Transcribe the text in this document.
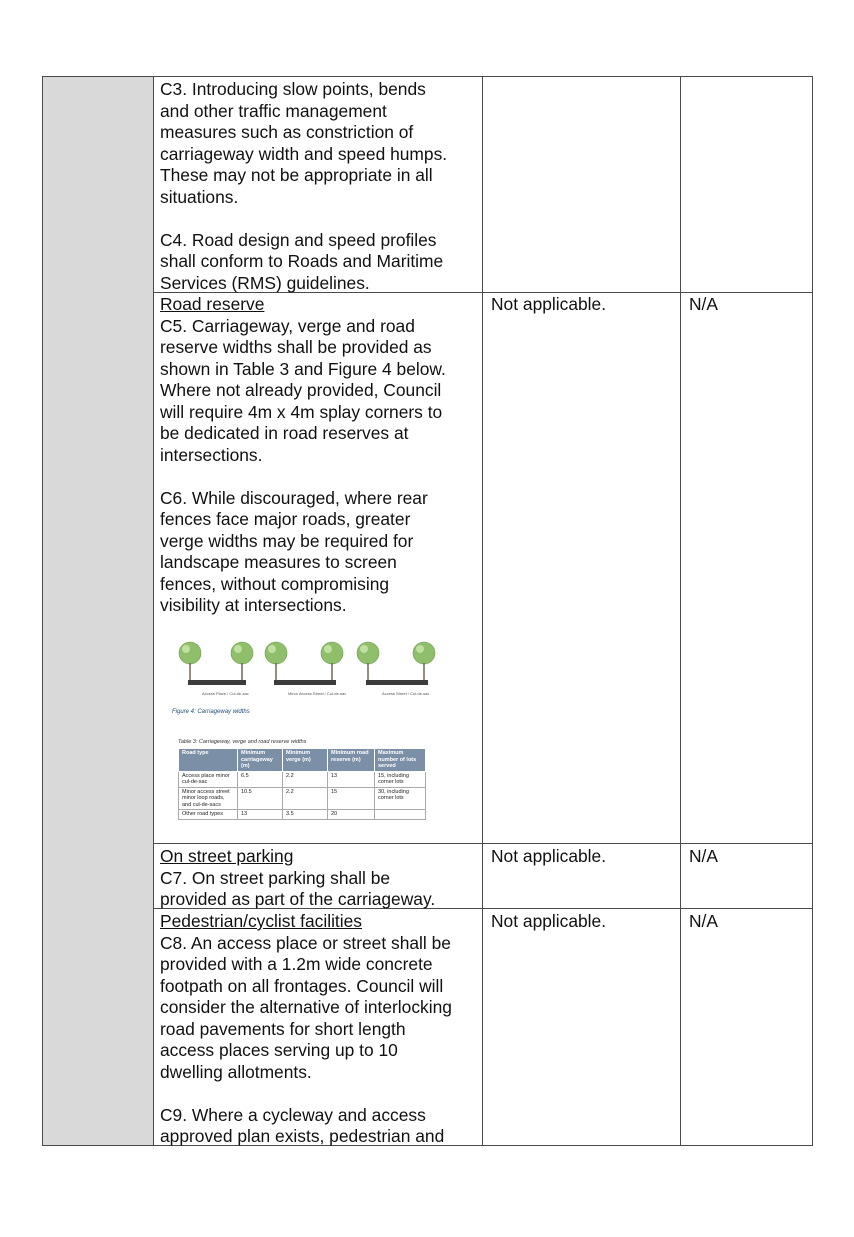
C3. Introducing slow points, bends

and other traffic management

measures such as constriction of

carriageway width and speed humps.

These may not be appropriate in all

situations.

C4. Road design and speed profiles

shall conform to Roads and Maritime

Services (RMS) guidelines.

Road reserve

C5. Carriageway, verge and road

reserve widths shall be provided as

shown in Table 3 and Figure 4 below.

Where not already provided, Council

will require 4m x 4m splay corners to

be dedicated in road reserves at

intersections.

C6. While discouraged, where rear

fences face major roads, greater

verge widths may be required for

landscape measures to screen

fences, without compromising

visibility at intersections.

Not applicable.	N/A
Access Place / Cul-de-sac	Minor Access Street / Cul-de-sac	Access Street / Cul-de-sac
Figure 4: Carriageway widths
Table 3: Carriageway, verge and road reserve widths
Road type	Minimum carriageway (m)	Minimum verge (m)	Minimum road reserve (m)	Maximum number of lots served
Access place minor cul-de-sac	6.5	2.2	13	15, including corner lots
Minor access street minor loop roads, and cul-de-sacs	10.5	2.2	15	30, including corner lots
Other road types	13	3.5	20	

On street parking

C7. On street parking shall be

provided as part of the carriageway.

Not applicable.	N/A

Pedestrian/cyclist facilities

C8. An access place or street shall be

provided with a 1.2m wide concrete

footpath on all frontages. Council will

consider the alternative of interlocking

road pavements for short length

access places serving up to 10

dwelling allotments.

C9. Where a cycleway and access

approved plan exists, pedestrian and

Not applicable.	N/A
